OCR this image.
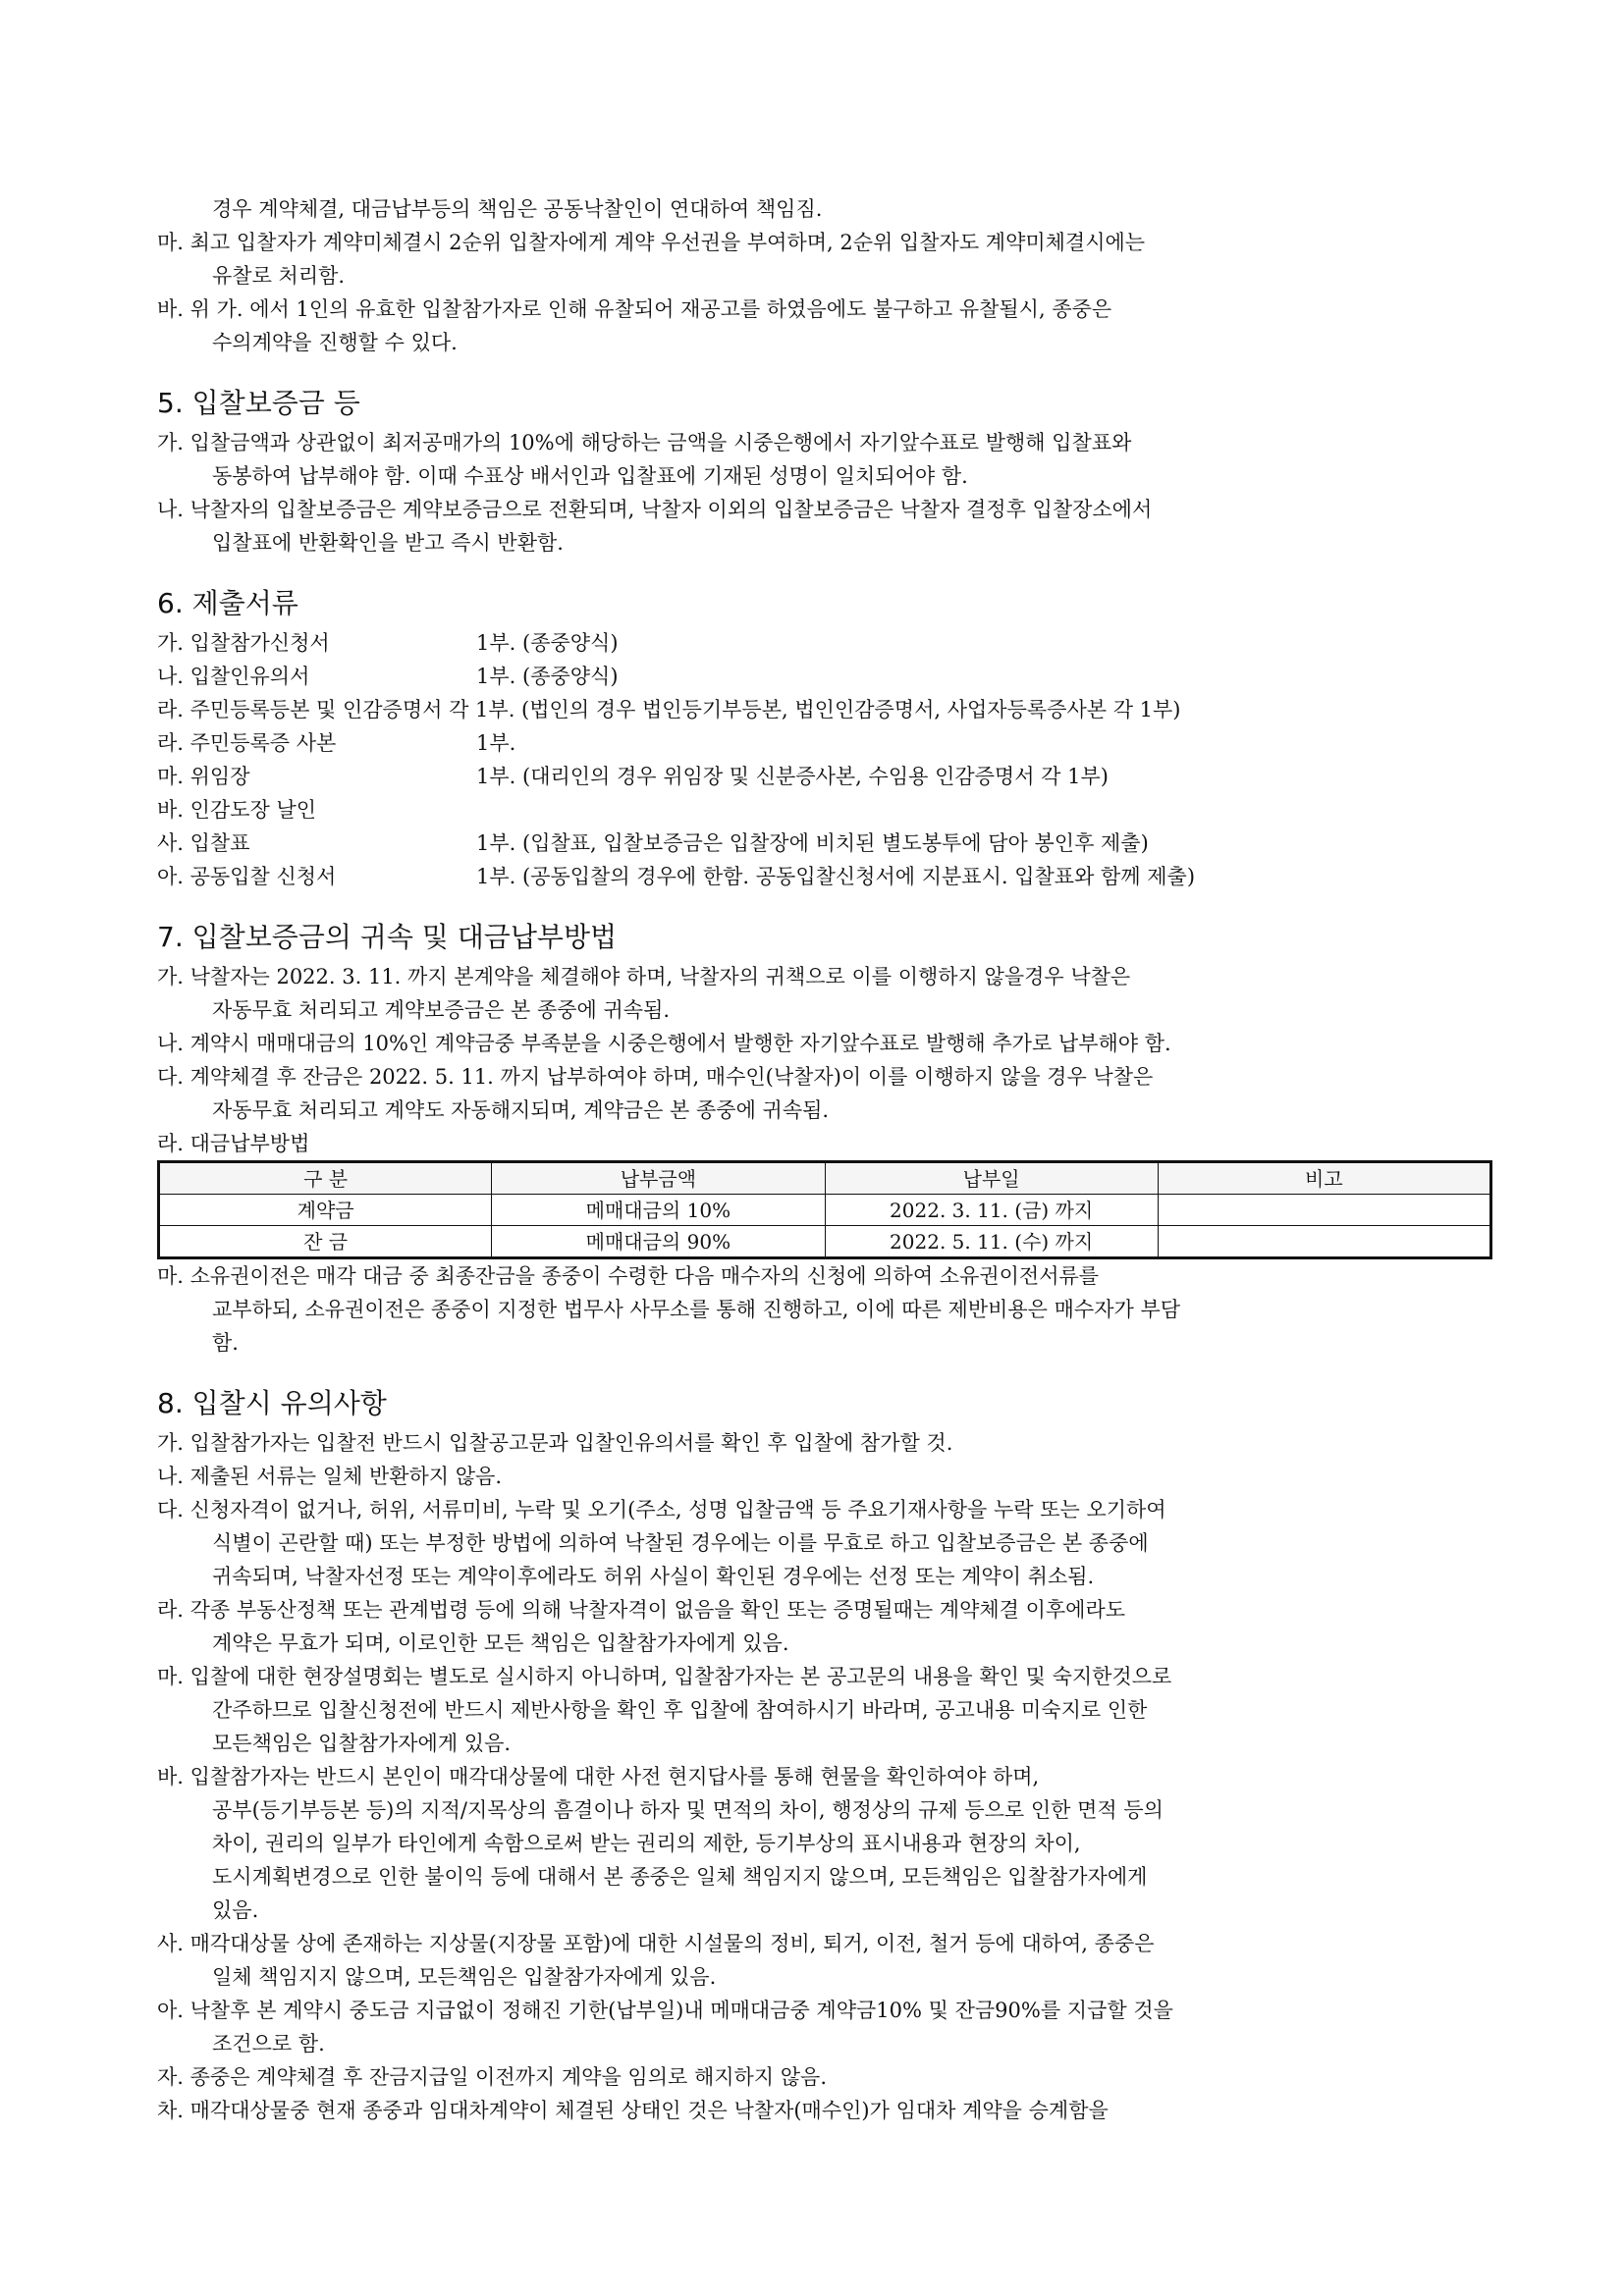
경우 계약체결, 대금납부등의 책임은 공동낙찰인이 연대하여 책임짐.
마. 최고 입찰자가 계약미체결시 2순위 입찰자에게 계약 우선권을 부여하며, 2순위 입찰자도 계약미체결시에는
유찰로 처리함.
바. 위 가. 에서 1인의 유효한 입찰참가자로 인해 유찰되어 재공고를 하였음에도 불구하고 유찰될시, 종중은
수의계약을 진행할 수 있다.
5. 입찰보증금 등
가. 입찰금액과 상관없이 최저공매가의 10%에 해당하는 금액을 시중은행에서 자기앞수표로 발행해 입찰표와
동봉하여 납부해야 함. 이때 수표상 배서인과 입찰표에 기재된 성명이 일치되어야 함.
나. 낙찰자의 입찰보증금은 계약보증금으로 전환되며, 낙찰자 이외의 입찰보증금은 낙찰자 결정후 입찰장소에서
입찰표에 반환확인을 받고 즉시 반환함.
6. 제출서류
가. 입찰참가신청서	1부. (종중양식)
나. 입찰인유의서	1부. (종중양식)
라. 주민등록등본 및 인감증명서 각 1부. (법인의 경우 법인등기부등본, 법인인감증명서, 사업자등록증사본 각 1부)
라. 주민등록증 사본	1부.
마. 위임장	1부. (대리인의 경우 위임장 및 신분증사본, 수임용 인감증명서 각 1부)
바. 인감도장 날인
사. 입찰표	1부. (입찰표, 입찰보증금은 입찰장에 비치된 별도봉투에 담아 봉인후 제출)
아. 공동입찰 신청서	1부. (공동입찰의 경우에 한함. 공동입찰신청서에 지분표시. 입찰표와 함께 제출)
7. 입찰보증금의 귀속 및 대금납부방법
가. 낙찰자는 2022. 3. 11. 까지 본계약을 체결해야 하며, 낙찰자의 귀책으로 이를 이행하지 않을경우 낙찰은
자동무효 처리되고 계약보증금은 본 종중에 귀속됨.
나. 계약시 매매대금의 10%인 계약금중 부족분을 시중은행에서 발행한 자기앞수표로 발행해 추가로 납부해야 함.
다. 계약체결 후 잔금은 2022. 5. 11. 까지 납부하여야 하며, 매수인(낙찰자)이 이를 이행하지 않을 경우 낙찰은
자동무효 처리되고 계약도 자동해지되며, 계약금은 본 종중에 귀속됨.
라. 대금납부방법
구 분	납부금액	납부일	비고
계약금	메매대금의 10%	2022. 3. 11. (금) 까지	
잔 금	메매대금의 90%	2022. 5. 11. (수) 까지	
마. 소유권이전은 매각 대금 중 최종잔금을 종중이 수령한 다음 매수자의 신청에 의하여 소유권이전서류를
교부하되, 소유권이전은 종중이 지정한 법무사 사무소를 통해 진행하고, 이에 따른 제반비용은 매수자가 부담
함.
8. 입찰시 유의사항
가. 입찰참가자는 입찰전 반드시 입찰공고문과 입찰인유의서를 확인 후 입찰에 참가할 것.
나. 제출된 서류는 일체 반환하지 않음.
다. 신청자격이 없거나, 허위, 서류미비, 누락 및 오기(주소, 성명 입찰금액 등 주요기재사항을 누락 또는 오기하여
식별이 곤란할 때) 또는 부정한 방법에 의하여 낙찰된 경우에는 이를 무효로 하고 입찰보증금은 본 종중에
귀속되며, 낙찰자선정 또는 계약이후에라도 허위 사실이 확인된 경우에는 선정 또는 계약이 취소됨.
라. 각종 부동산정책 또는 관계법령 등에 의해 낙찰자격이 없음을 확인 또는 증명될때는 계약체결 이후에라도
계약은 무효가 되며, 이로인한 모든 책임은 입찰참가자에게 있음.
마. 입찰에 대한 현장설명회는 별도로 실시하지 아니하며, 입찰참가자는 본 공고문의 내용을 확인 및 숙지한것으로
간주하므로 입찰신청전에 반드시 제반사항을 확인 후 입찰에 참여하시기 바라며, 공고내용 미숙지로 인한
모든책임은 입찰참가자에게 있음.
바. 입찰참가자는 반드시 본인이 매각대상물에 대한 사전 현지답사를 통해 현물을 확인하여야 하며,
공부(등기부등본 등)의 지적/지목상의 흠결이나 하자 및 면적의 차이, 행정상의 규제 등으로 인한 면적 등의
차이, 권리의 일부가 타인에게 속함으로써 받는 권리의 제한, 등기부상의 표시내용과 현장의 차이,
도시계획변경으로 인한 불이익 등에 대해서 본 종중은 일체 책임지지 않으며, 모든책임은 입찰참가자에게
있음.
사. 매각대상물 상에 존재하는 지상물(지장물 포함)에 대한 시설물의 정비, 퇴거, 이전, 철거 등에 대하여, 종중은
일체 책임지지 않으며, 모든책임은 입찰참가자에게 있음.
아. 낙찰후 본 계약시 중도금 지급없이 정해진 기한(납부일)내 메매대금중 계약금10% 및 잔금90%를 지급할 것을
조건으로 함.
자. 종중은 계약체결 후 잔금지급일 이전까지 계약을 임의로 해지하지 않음.
차. 매각대상물중 현재 종중과 임대차계약이 체결된 상태인 것은 낙찰자(매수인)가 임대차 계약을 승계함을
